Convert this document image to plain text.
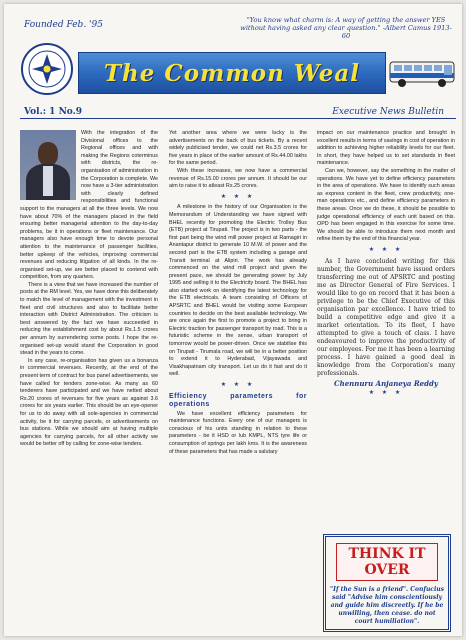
Founded Feb. '95	"You know what charm is: A way of getting the answer YES without having asked any clear question." -Albert Camus 1913-60
The Common Weal
Vol.: 1 No.9	Executive News Bulletin

With the integration of the Divisional offices to the Regional offices and with making the Regions coterminus with districts, the re-organisation of administration in the Corporation is complete. We now have a 3-tier administration with clearly defined responsibilities and functional support to the managers at all the three levels. We now have about 70% of the managers placed in the field ensuring better managerial attention to the day-to-day problems, be it in operations or fleet maintenance. Our managers also have enough time to devote personal attention to the maintenance of passenger facilities, better upkeep of the vehicles, improving commercial revenues and reducing litigation of all kinds. In the re-organised set-up, we are better placed to contend with competition, from any quarters.

There is a view that we have increased the number of posts at the RM level. Yes, we have done this deliberately to match the level of management with the investment in fleet and civil structures and also to facilitate better interaction with District Administration. The criticism is best answered by the fact we have succeeded in reducing the establishment cost by about Rs.1.5 crores per annum by surrendering some posts. I hope the re-organised set-up would stand the Corporation in good stead in the years to come.

In any case, re-organisation has given us a bonanza in commercial revenues. Recently, at the end of the present term of contract for bus panel advertisements, we have called for tenders zone-wise. As many as 60 tenderers have participated and we have netted about Rs.20 crores of revenues for five years as against 3.6 crores for six years earlier. This should be an eye-opener for us to do away with all sole-agencies in commercial activity, be it for carrying parcels, or advertisements on bus stations. While we should aim at having multiple agencies for carrying parcels, for all other activity we would be better off by calling for zone-wise tenders.

Yet another area where we were lucky is the advertisements on the back of bus tickets. By a recent widely publicised tender, we could net Rs.3.5 crores for five years in place of the earlier amount of Rs.44.00 lakhs for the same period.

With these increases, we now have a commercial revenue of Rs.15.00 crores per annum. It should be our aim to raise it to atleast Rs.25 crores.

★ ★ ★

A milestone in the history of our Organisation is the Memorandum of Understanding we have signed with BHEL recently for promoting the Electric Trolley Bus (ETB) project at Tirupati. The project is in two parts - the first part being the wind mill power project at Ramagiri in Anantapur district to generate 10 M.W. of power and the second part is the ETB system including a garage and Transit terminal at Alipiri. The work has already commenced on the wind mill project and given the present pace, we should be generating power by July 1995 and selling it to the Electricity board. The BHEL has also started work on identifying the latest technology for the ETB electricals. A team consisting of Officers of APSRTC and BHEL would be visiting some European countries to decide on the best available technology. We are once again the first to promote a project to bring in Electric traction for passenger transport by road. This is a futuristic scheme in the sense, urban transport of tomorrow would be power-driven. Once we stabilise this on Tirupati - Tirumala road, we will be in a better position to extend it to Hyderabad, Vijayawada and Visakhapatnam city transport. Let us do it fast and do it well.

★ ★ ★
Efficiency parameters for operations

We have excellent efficiency parameters for maintenance functions. Every one of our managers is conscious of his units standing in relation to these parameters - be it HSD or lub KMPL, NTS tyre life or consumption of springs per lakh kms. It is the awareness of these parameters that has made a salutary

impact on our maintenance practice and brought in excellent results in terms of savings in cost of operation in addition to achieving higher reliability levels for our fleet. In short, they have helped us to set standards in fleet maintenance.

Can we, however, say the something in the matter of operations. We have yet to define efficiency parameters in the area of operations. We have to identify such areas as express content in the fleet, crew productivity, one-man operations etc., and define efficiency parameters in these areas. Once we do these, it should be possible to judge operational efficiency of each unit based on this. OPD has been engaged in this exercise for some time. We should be able to introduce them next month and refine them by the end of this financial year.

★ ★ ★

As I have concluded writing for this number, the Government have issued orders transferring me out of APSRTC and posting me as Director General of Fire Services. I would like to go on record that it has been a privilege to be the Chief Executive of this organisation par excellence. I have tried to build a competitive edge and give it a market orientation. To its fleet, I have attempted to give a touch of class. I have endeavoured to improve the productivity of our employees. For me it has been a learning process. I have gained a good deal in knowledge from the Corporation's many professionals.

Chennuru Anjaneya Reddy
★ ★ ★
THINK IT OVER
"If the Sun is a friend". Confucius said "Advise him conscientiously and guide him discreetly. If he be unwilling, then cease. do not court humiliation".
